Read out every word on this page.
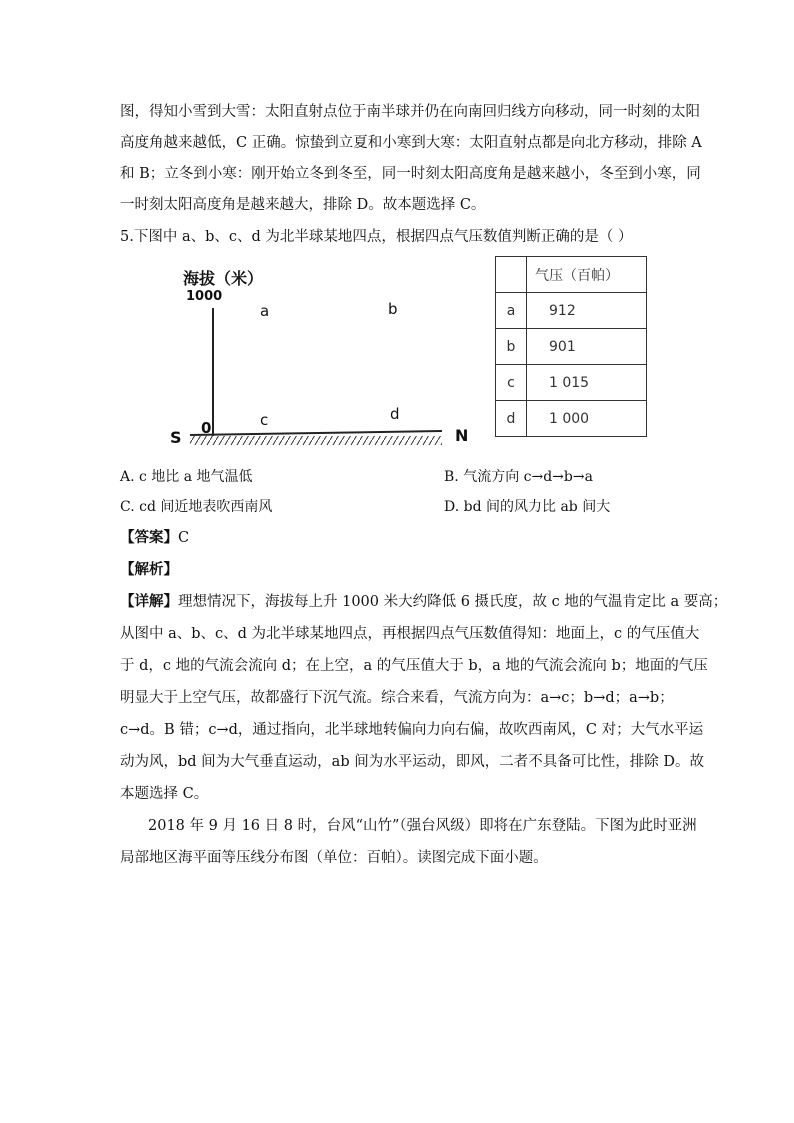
图，得知小雪到大雪：太阳直射点位于南半球并仍在向南回归线方向移动，同一时刻的太阳
高度角越来越低，C 正确。惊蛰到立夏和小寒到大寒：太阳直射点都是向北方移动，排除 A
和 B；立冬到小寒：刚开始立冬到冬至，同一时刻太阳高度角是越来越小，冬至到小寒，同
一时刻太阳高度角是越来越大，排除 D。故本题选择 C。
5.下图中 a、b、c、d 为北半球某地四点，根据四点气压数值判断正确的是（ ）
海拔（米）
1000
0
S	N
a	b
c	d
	气压（百帕）
a	912
b	901
c	1 015
d	1 000
A. c 地比 a 地气温低	B. 气流方向 c→d→b→a
C. cd 间近地表吹西南风	D. bd 间的风力比 ab 间大
【答案】C
【解析】
【详解】理想情况下，海拔每上升 1000 米大约降低 6 摄氏度，故 c 地的气温肯定比 a 要高；
从图中 a、b、c、d 为北半球某地四点，再根据四点气压数值得知：地面上，c 的气压值大
于 d，c 地的气流会流向 d；在上空，a 的气压值大于 b，a 地的气流会流向 b；地面的气压
明显大于上空气压，故都盛行下沉气流。综合来看，气流方向为：a→c；b→d；a→b；
c→d。B 错；c→d，通过指向，北半球地转偏向力向右偏，故吹西南风，C 对；大气水平运
动为风，bd 间为大气垂直运动，ab 间为水平运动，即风，二者不具备可比性，排除 D。故
本题选择 C。
2018 年 9 月 16 日 8 时，台风“山竹”（强台风级）即将在广东登陆。下图为此时亚洲
局部地区海平面等压线分布图（单位：百帕）。读图完成下面小题。
